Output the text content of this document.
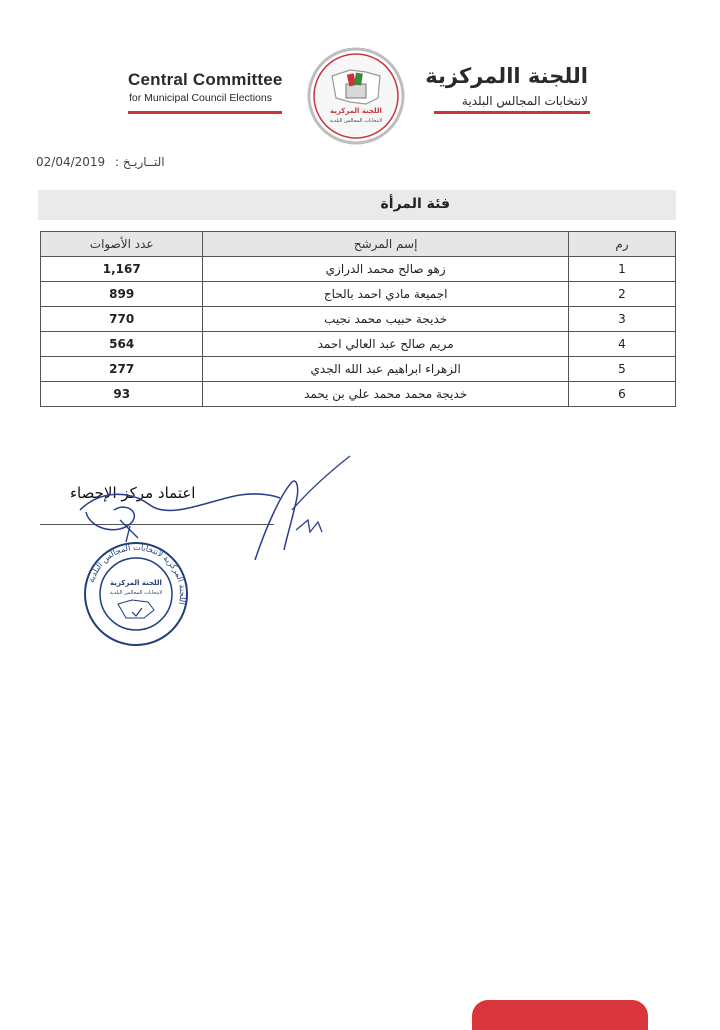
Central Committee
for Municipal Council Elections
اللجنة االمركزية
لانتخابات المجالس البلدية
اللجنة المركزية
لانتخابات المجالس البلدية
02/04/2019 التــاريـخ :
فئة المرأة
عدد الأصوات	إسم المرشح	رم
1,167	زهو صالح محمد الدرازي	1
899	اجميعة مادي احمد بالحاج	2
770	خديجة حبيب محمد نجيب	3
564	مريم صالح عبد العالي احمد	4
277	الزهراء ابراهيم عبد الله الجدي	5
93	خديجة محمد محمد علي بن يحمد	6
اعتماد مركز الإحصاء
اللجنة المركزية لانتخابات المجالس البلدية
اللجنة المركزية
لانتخابات المجالس البلدية
